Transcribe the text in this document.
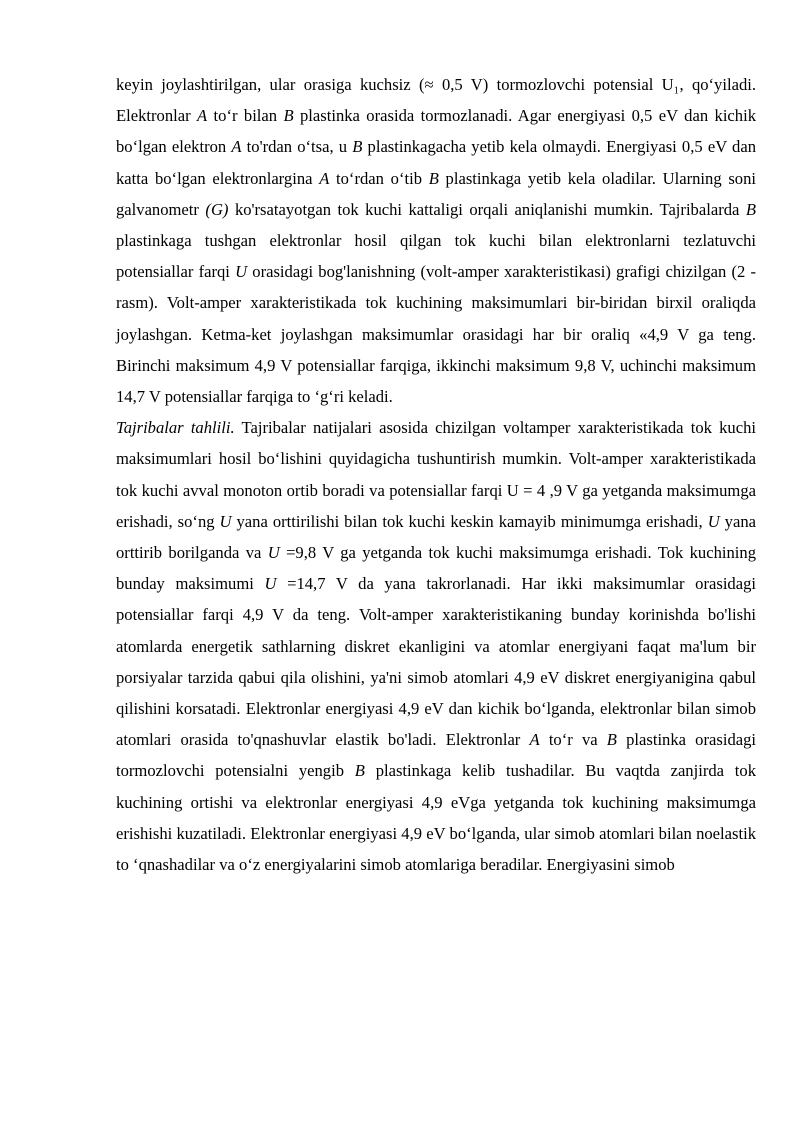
keyin joylashtirilgan, ular orasiga kuchsiz (≈ 0,5 V) tormozlovchi potensial U₁, qo‘yiladi. Elektronlar A to‘r bilan B plastinka orasida tormozlanadi. Agar energiyasi 0,5 eV dan kichik bo‘lgan elektron A to'rdan o‘tsa, u B plastinkagacha yetib kela olmaydi. Energiyasi 0,5 eV dan katta bo‘lgan elektronlargina A to‘rdan o‘tib B plastinkaga yetib kela oladilar. Ularning soni galvanometr (G) ko'rsatayotgan tok kuchi kattaligi orqali aniqlanishi mumkin. Tajribalarda B plastinkaga tushgan elektronlar hosil qilgan tok kuchi bilan elektronlarni tezlatuvchi potensiallar farqi U orasidagi bog'lanishning (volt-amper xarakteristikasi) grafigi chizilgan (2 - rasm). Volt-amper xarakteristikada tok kuchining maksimumlari bir-biridan birxil oraliqda joylashgan. Ketma-ket joylashgan maksimumlar orasidagi har bir oraliq «4,9 V ga teng. Birinchi maksimum 4,9 V potensiallar farqiga, ikkinchi maksimum 9,8 V, uchinchi maksimum 14,7 V potensiallar farqiga to ‘g‘ri keladi.

Tajribalar tahlili. Tajribalar natijalari asosida chizilgan voltamper xarakteristikada tok kuchi maksimumlari hosil bo‘lishini quyidagicha tushuntirish mumkin. Volt-amper xarakteristikada tok kuchi avval monoton ortib boradi va potensiallar farqi U = 4 ,9 V ga yetganda maksimumga erishadi, so‘ng U yana orttirilishi bilan tok kuchi keskin kamayib minimumga erishadi, U yana orttirib borilganda va U =9,8 V ga yetganda tok kuchi maksimumga erishadi. Tok kuchining bunday maksimumi U =14,7 V da yana takrorlanadi. Har ikki maksimumlar orasidagi potensiallar farqi 4,9 V da teng. Volt-amper xarakteristikaning bunday korinishda bo'lishi atomlarda energetik sathlarning diskret ekanligini va atomlar energiyani faqat ma'lum bir porsiyalar tarzida qabui qila olishini, ya'ni simob atomlari 4,9 eV diskret energiyanigina qabul qilishini korsatadi. Elektronlar energiyasi 4,9 eV dan kichik bo‘lganda, elektronlar bilan simob atomlari orasida to'qnashuvlar elastik bo'ladi. Elektronlar A to‘r va B plastinka orasidagi tormozlovchi potensialni yengib B plastinkaga kelib tushadilar. Bu vaqtda zanjirda tok kuchining ortishi va elektronlar energiyasi 4,9 eVga yetganda tok kuchining maksimumga erishishi kuzatiladi. Elektronlar energiyasi 4,9 eV bo‘lganda, ular simob atomlari bilan noelastik to ‘qnashadilar va o‘z energiyalarini simob atomlariga beradilar. Energiyasini simob
